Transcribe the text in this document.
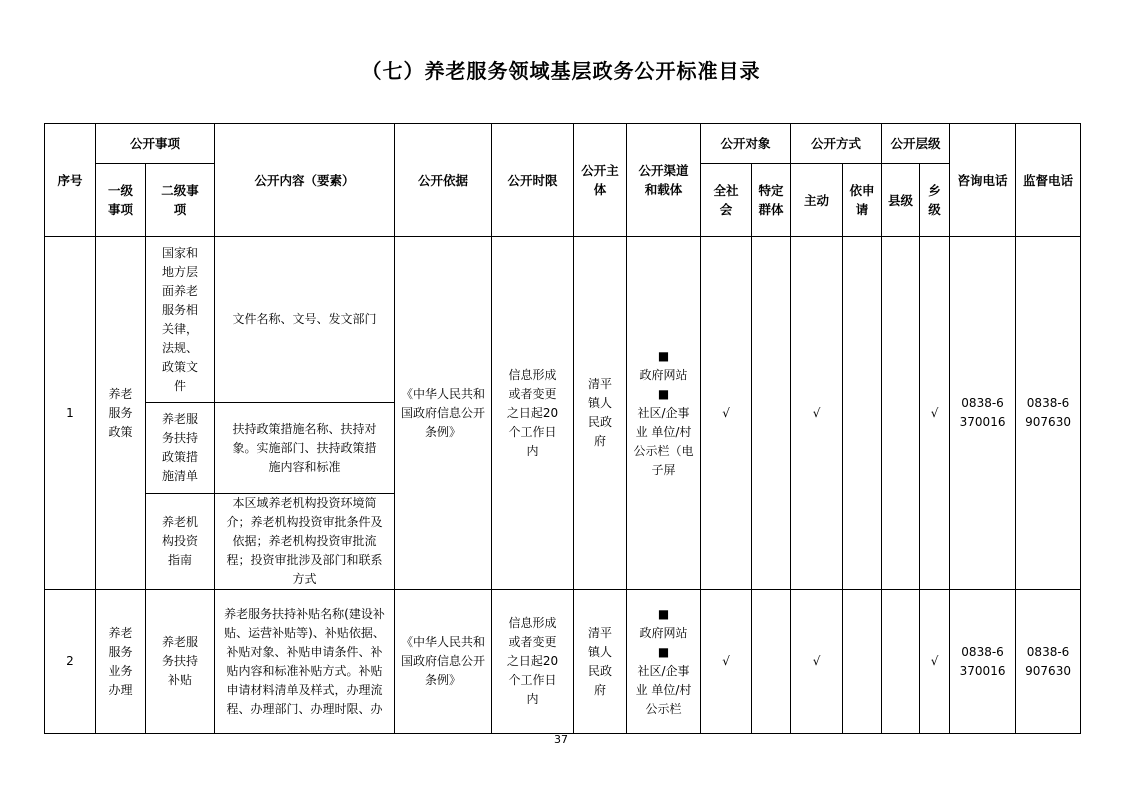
（七）养老服务领域基层政务公开标准目录
序号	公开事项		公开内容（要素）	公开依据	公开时限	公开主体	公开渠道和载体	公开对象		公开方式		公开层级		咨询电话	监督电话
	一级事项	二级事项						全社会	特定群体	主动	依申请	县级	乡级		
1	养老服务政策	国家和地方层面养老服务相关律，法规、政策文件	文件名称、文号、发文部门	《中华人民共和国政府信息公开条例》	信息形成或者变更之日起20个工作日内	清平镇人民政府	■
政府网站
■
社区/企事业 单位/村公示栏（电子屏	√		√			√	0838-6370016	0838-6907630
		养老服务扶持政策措施清单	扶持政策措施名称、扶持对象。实施部门、扶持政策措施内容和标准												
		养老机构投资指南	本区域养老机构投资环境简介；养老机构投资审批条件及依据；养老机构投资审批流程；投资审批涉及部门和联系方式												
2	养老服务业务办理	养老服务扶持补贴	养老服务扶持补贴名称(建设补贴、运营补贴等)、补贴依据、补贴对象、补贴申请条件、补贴内容和标准补贴方式。补贴申请材料清单及样式，办理流程、办理部门、办理时限、办	《中华人民共和国政府信息公开条例》	信息形成或者变更之日起20个工作日内	清平镇人民政府	■
政府网站
■
社区/企事业 单位/村公示栏	√		√			√	0838-6370016	0838-6907630
37
